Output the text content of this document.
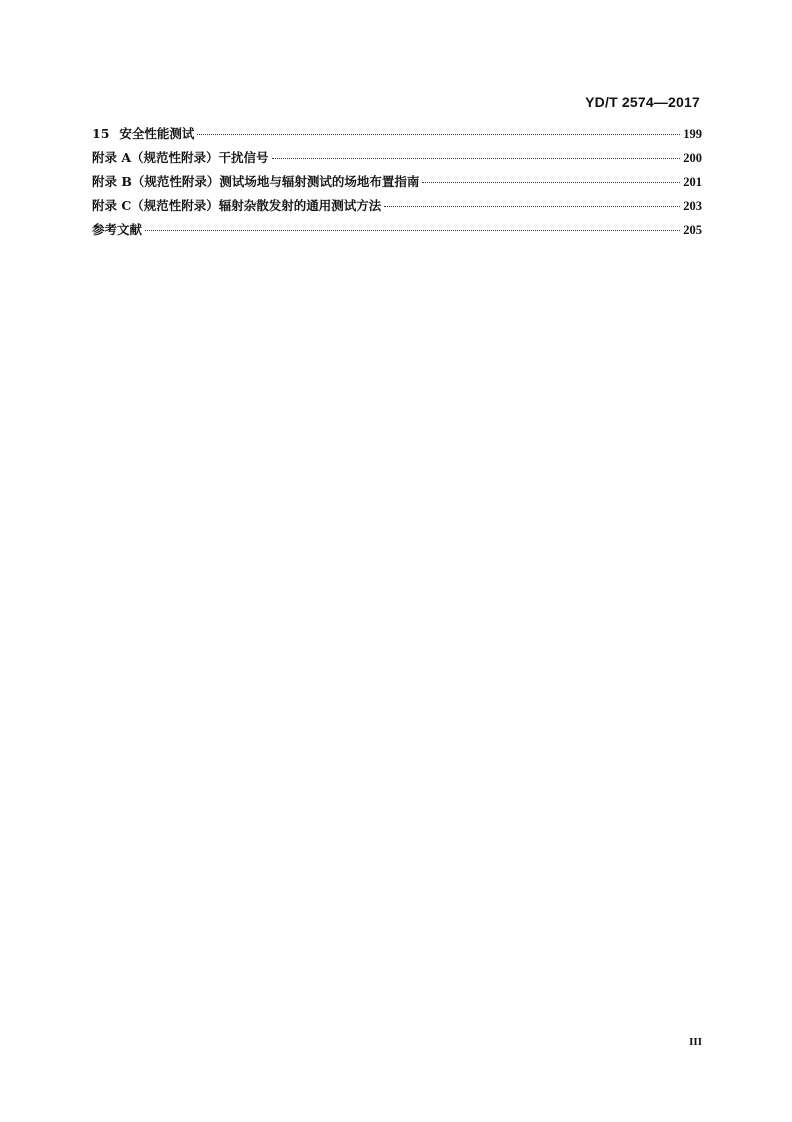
YD/T 2574—2017
15 安全性能测试	199
附录 A（规范性附录）干扰信号	200
附录 B（规范性附录）测试场地与辐射测试的场地布置指南	201
附录 C（规范性附录）辐射杂散发射的通用测试方法	203
参考文献	205
III
